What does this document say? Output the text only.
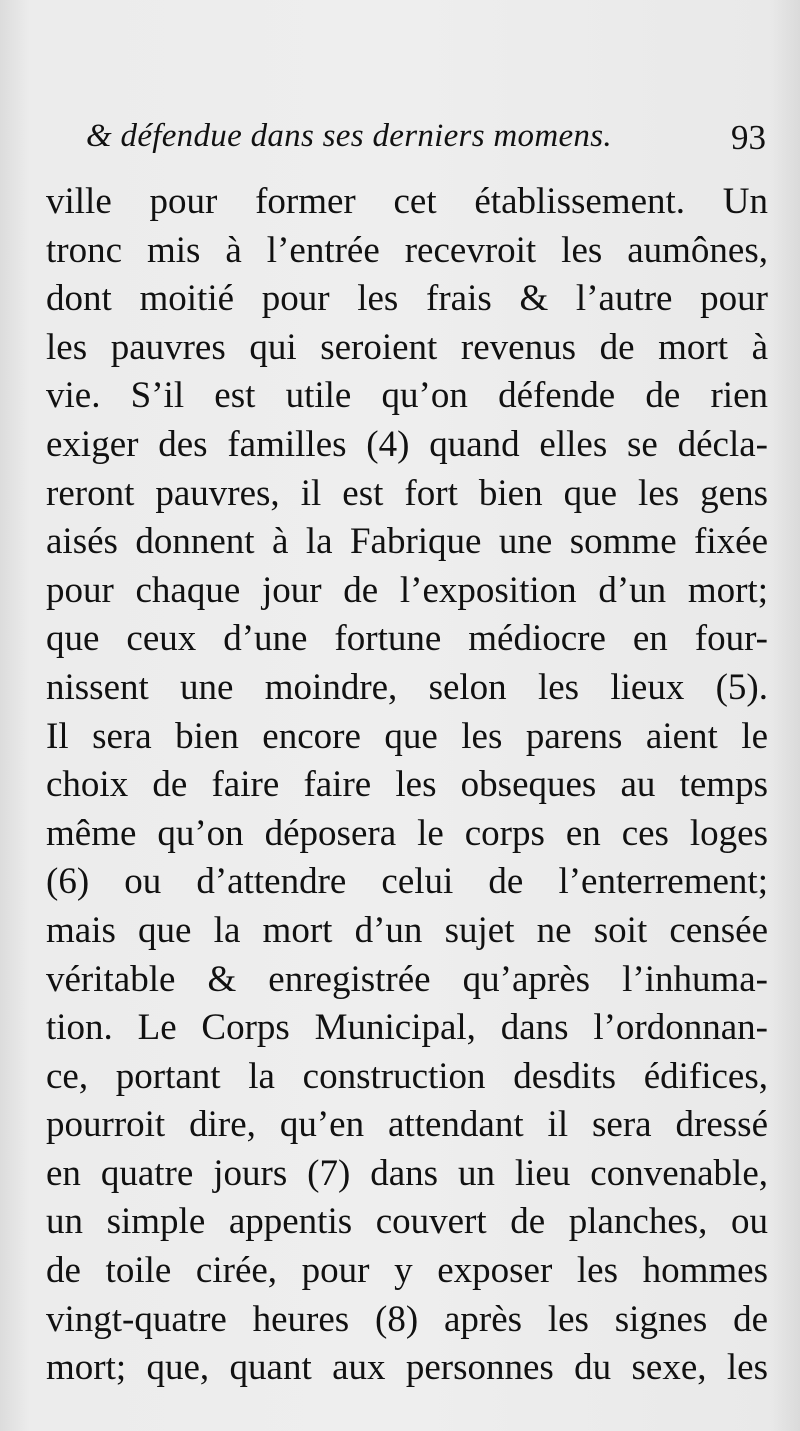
& défendue dans ses derniers momens.	93
ville pour former cet établissement. Un
tronc mis à l’entrée recevroit les aumônes,
dont moitié pour les frais & l’autre pour
les pauvres qui seroient revenus de mort à
vie. S’il est utile qu’on défende de rien
exiger des familles (4) quand elles se décla-
reront pauvres, il est fort bien que les gens
aisés donnent à la Fabrique une somme fixée
pour chaque jour de l’exposition d’un mort;
que ceux d’une fortune médiocre en four-
nissent une moindre, selon les lieux (5).
Il sera bien encore que les parens aient le
choix de faire faire les obseques au temps
même qu’on déposera le corps en ces loges
(6) ou d’attendre celui de l’enterrement;
mais que la mort d’un sujet ne soit censée
véritable & enregistrée qu’après l’inhuma-
tion. Le Corps Municipal, dans l’ordonnan-
ce, portant la construction desdits édifices,
pourroit dire, qu’en attendant il sera dressé
en quatre jours (7) dans un lieu convenable,
un simple appentis couvert de planches, ou
de toile cirée, pour y exposer les hommes
vingt-quatre heures (8) après les signes de
mort; que, quant aux personnes du sexe, les
